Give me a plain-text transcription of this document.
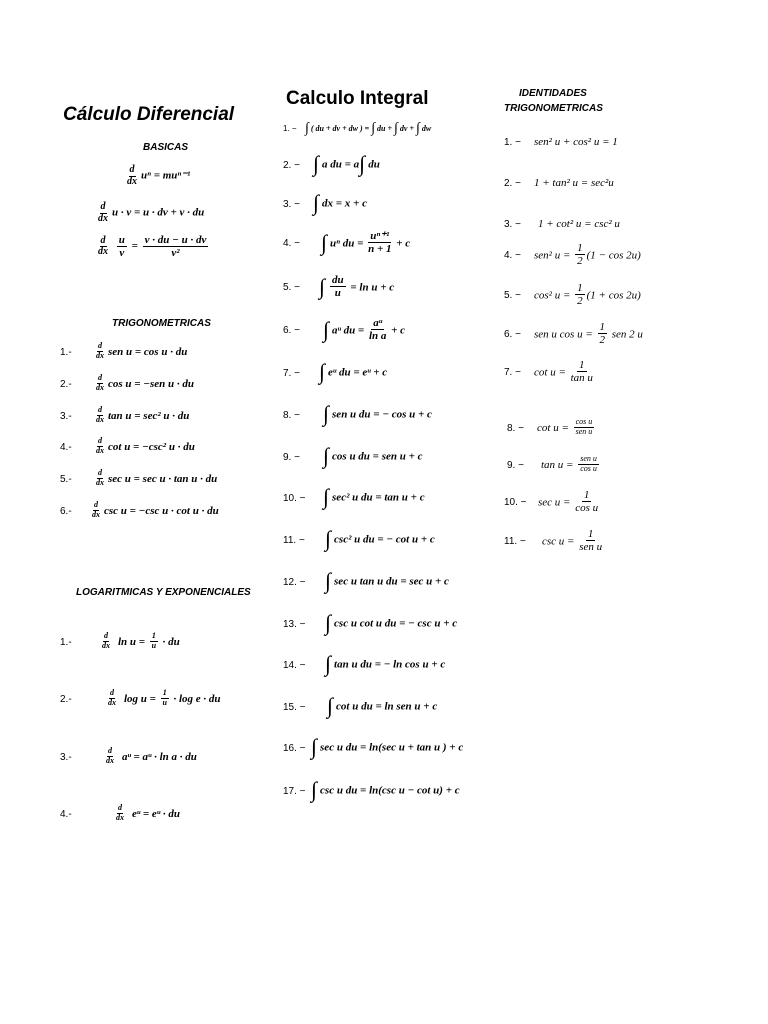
Cálculo Diferencial
BASICAS
$\frac{d}{dx}$ uⁿ = muⁿ⁻¹
$\frac{d}{dx}$ u · v = u · dv + v · du
$\frac{d}{dx}$
$\frac{u}{v} = \frac{v \cdot du - u \cdot dv}{\text{v²}}$
TRIGONOMETRICAS
1.-	$\frac{d}{dx}$ sen u = cos u · du
2.-	$\frac{d}{dx}$ cos u = −sen u · du
3.-	$\frac{d}{dx}$ tan u = sec² u · du
4.-	$\frac{d}{dx}$ cot u = −csc² u · du
5.-	$\frac{d}{dx}$ sec u = sec u · tan u · du
6.-	$\frac{d}{dx}$ csc u = −csc u · cot u · du
LOGARITMICAS Y EXPONENCIALES
1.-	$\frac{d}{dx}$ $\ln u = \frac{1}{u}$ · du
2.-	$\frac{d}{dx}$ $\log u = \frac{1}{u} \cdot \log e$ · du
3.-	$\frac{d}{dx}$ aᵘ = aᵘ · ln a · du
4.-	$\frac{d}{dx}$ eᵘ = eᵘ · du
Calculo Integral
1. − ∫ ( du + dv + dw ) = ∫ du + ∫ dv + ∫ dw
2. − ∫ a du = a∫ du
3. − ∫ dx = x + c
4. − ∫ uⁿ du = $\frac{\text{uⁿ⁺¹}}{n + 1} + c$
5. − ∫ $\frac{du}{u} = \ln u + c$
6. − ∫ aᵘ du = $\frac{\text{aᵘ}}{\text{ln a}} + c$
7. − ∫ eᵘ du = eᵘ + c
8. − ∫ sen u du = − cos u + c
9. − ∫ cos u du = sen u + c
10. − ∫ sec² u du = tan u + c
11. − ∫ csc² u du = − cot u + c
12. − ∫ sec u tan u du = sec u + c
13. − ∫ csc u cot u du = − csc u + c
14. − ∫ tan u du = − ln cos u + c
15. − ∫ cot u du = ln sen u + c
16. − ∫ sec u du = ln(sec u + tan u ) + c
17. − ∫ csc u du = ln(csc u − cot u) + c
IDENTIDADES
TRIGONOMETRICAS
1. − sen² u + cos² u = 1
2. − 1 + tan² u = sec²u
3. − 1 + cot² u = csc² u
4. − sen² $u = \frac{1}{2} (1 - \cos 2u)$
5. − cos² $u = \frac{1}{2} (1 + \cos 2u)$
6. − sen u $\cos u = \frac{1}{2}$ sen 2 u
7. − $\cot u = \frac{1}{\text{tan u}}$
8. − $\cot u = \frac{\text{cos u}}{\text{sen u}}$
9. − $\tan u = \frac{\text{sen u}}{\text{cos u}}$
10. − $\sec u = \frac{1}{\text{cos u}}$
11. − $\csc u = \frac{1}{\text{sen u}}$
